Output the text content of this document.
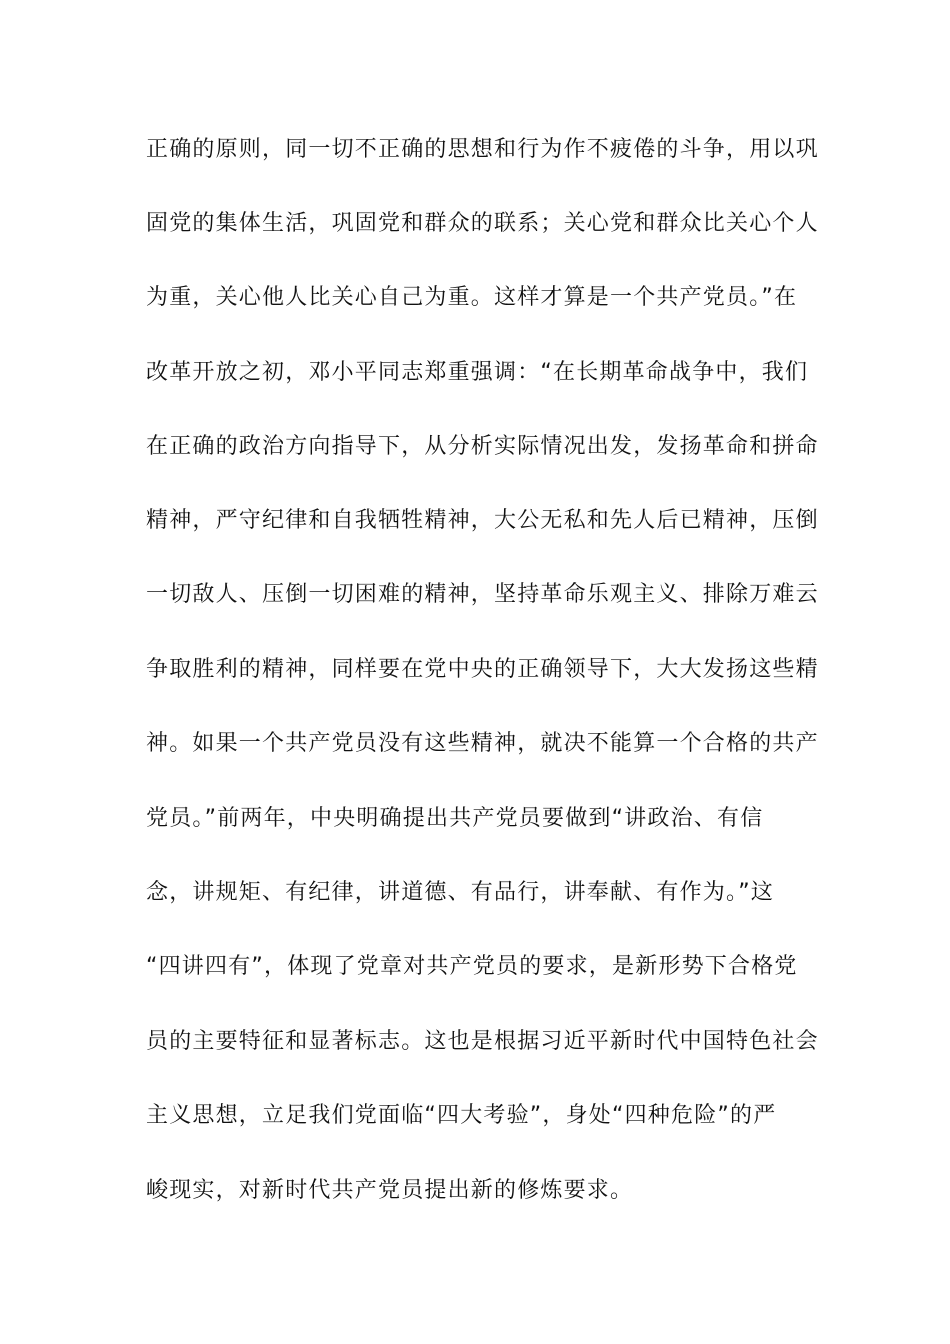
正确的原则，同一切不正确的思想和行为作不疲倦的斗争，用以巩
固党的集体生活，巩固党和群众的联系；关心党和群众比关心个人
为重，关心他人比关心自己为重。这样才算是一个共产党员。”在
改革开放之初，邓小平同志郑重强调：“在长期革命战争中，我们
在正确的政治方向指导下，从分析实际情况出发，发扬革命和拼命
精神，严守纪律和自我牺牲精神，大公无私和先人后已精神，压倒
一切敌人、压倒一切困难的精神，坚持革命乐观主义、排除万难云
争取胜利的精神，同样要在党中央的正确领导下，大大发扬这些精
神。如果一个共产党员没有这些精神，就决不能算一个合格的共产
党员。”前两年，中央明确提出共产党员要做到“讲政治、有信
念，讲规矩、有纪律，讲道德、有品行，讲奉献、有作为。”这
“四讲四有”，体现了党章对共产党员的要求，是新形势下合格党
员的主要特征和显著标志。这也是根据习近平新时代中国特色社会
主义思想，立足我们党面临“四大考验”，身处“四种危险”的严
峻现实，对新时代共产党员提出新的修炼要求。
